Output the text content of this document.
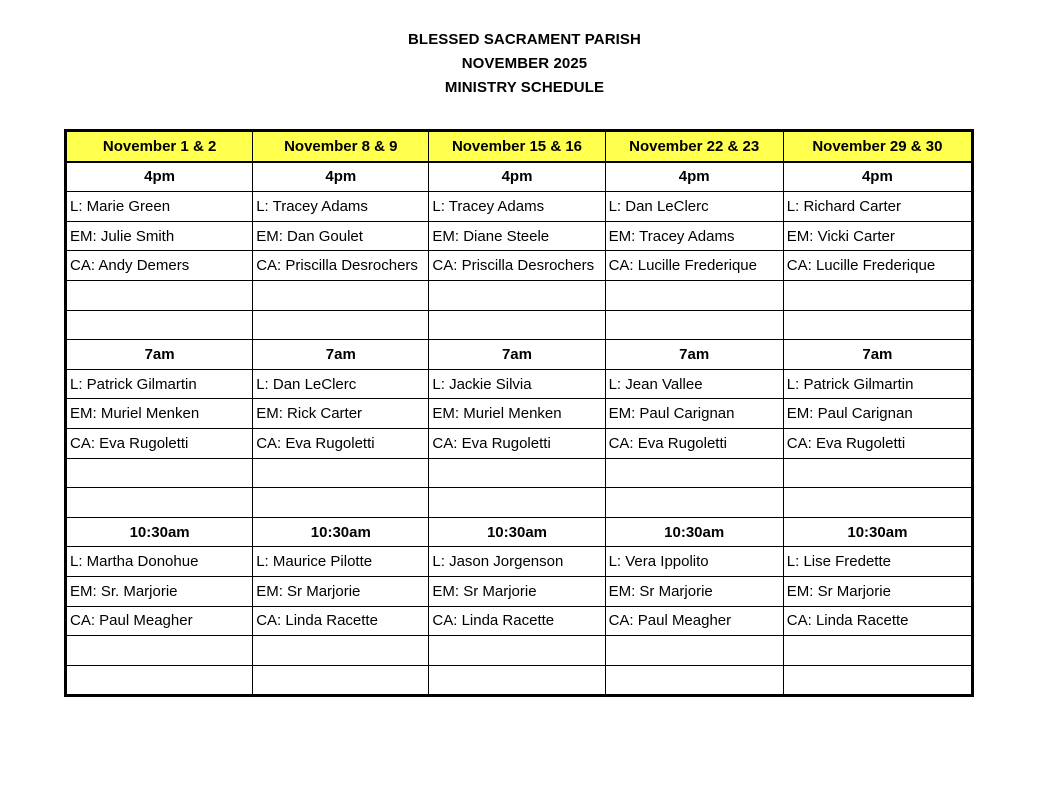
BLESSED SACRAMENT PARISH
NOVEMBER 2025
MINISTRY SCHEDULE
November 1 & 2	November 8 & 9	November 15 & 16	November 22 & 23	November 29 & 30
4pm	4pm	4pm	4pm	4pm
L: Marie Green	L: Tracey Adams	L: Tracey Adams	L: Dan LeClerc	L: Richard Carter
EM: Julie Smith	EM: Dan Goulet	EM: Diane Steele	EM: Tracey Adams	EM: Vicki Carter
CA: Andy Demers	CA: Priscilla Desrochers	CA: Priscilla Desrochers	CA: Lucille Frederique	CA: Lucille Frederique

7am	7am	7am	7am	7am
L: Patrick Gilmartin	L: Dan LeClerc	L: Jackie Silvia	L: Jean Vallee	L: Patrick Gilmartin
EM: Muriel Menken	EM: Rick Carter	EM: Muriel Menken	EM: Paul Carignan	EM: Paul Carignan
CA: Eva Rugoletti	CA: Eva Rugoletti	CA: Eva Rugoletti	CA: Eva Rugoletti	CA: Eva Rugoletti

10:30am	10:30am	10:30am	10:30am	10:30am
L: Martha Donohue	L: Maurice Pilotte	L: Jason Jorgenson	L: Vera Ippolito	L: Lise Fredette
EM: Sr. Marjorie	EM: Sr Marjorie	EM: Sr Marjorie	EM: Sr Marjorie	EM: Sr Marjorie
CA: Paul Meagher	CA: Linda Racette	CA: Linda Racette	CA: Paul Meagher	CA: Linda Racette
